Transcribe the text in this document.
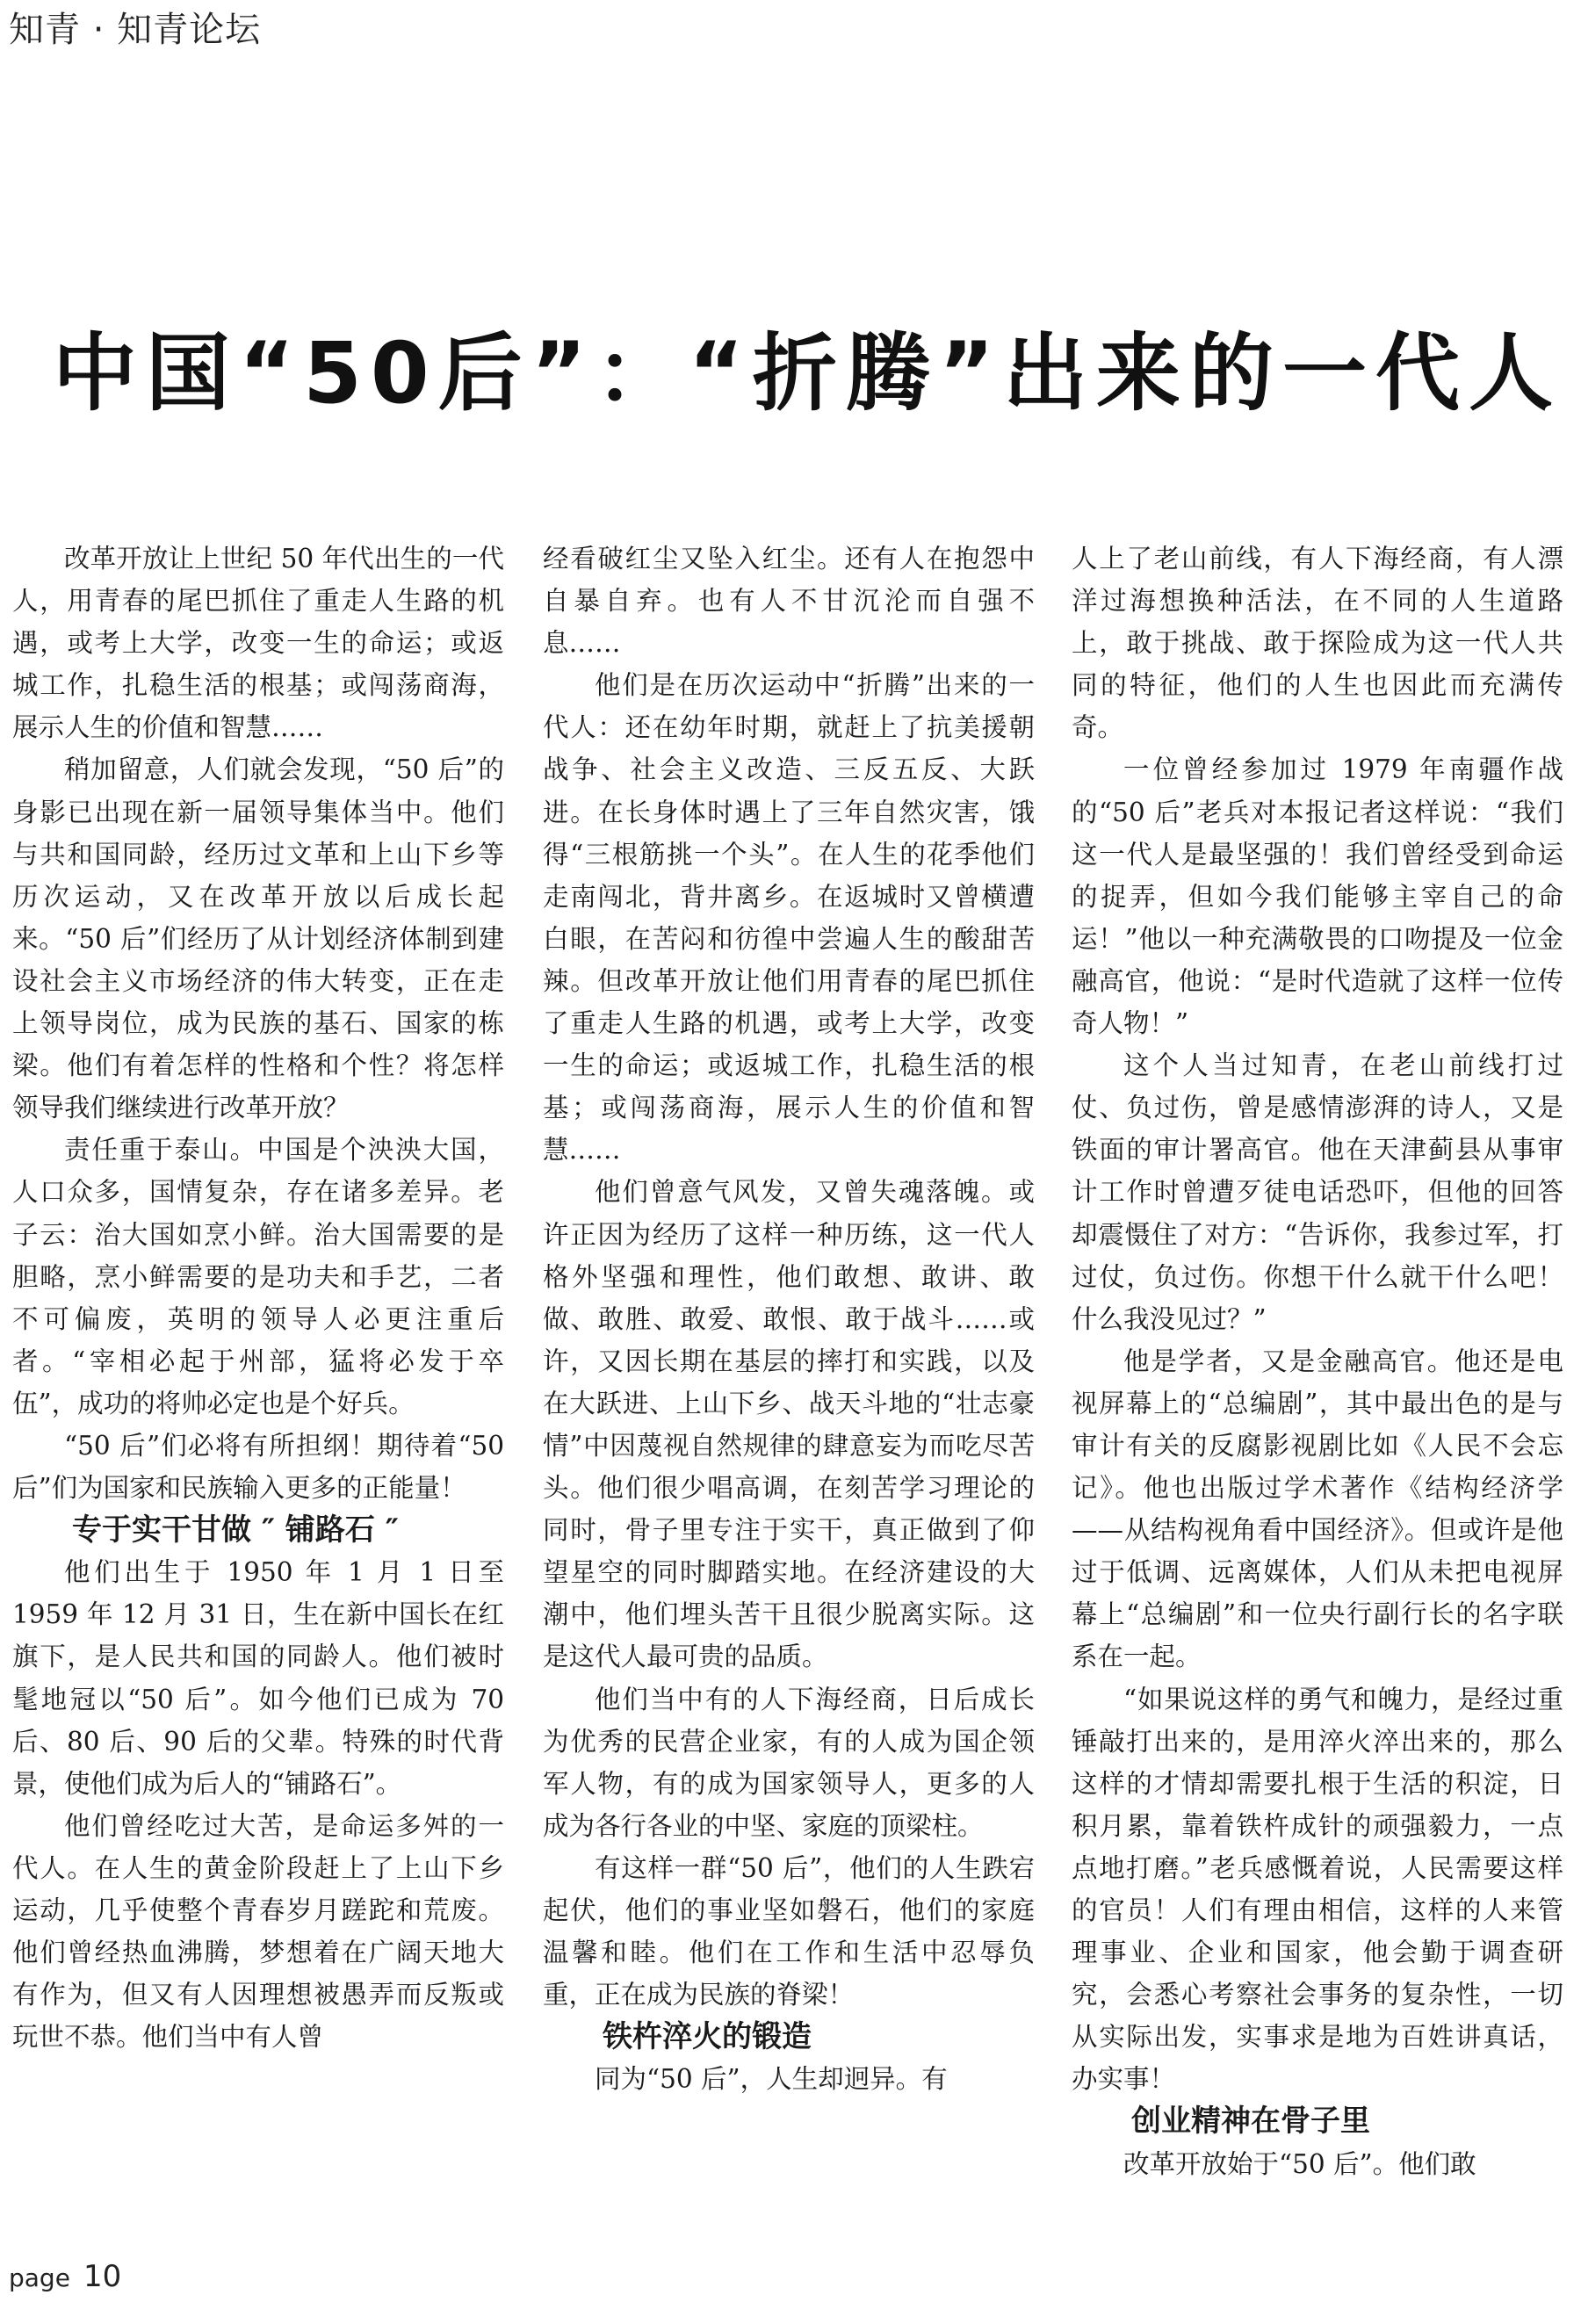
知青 · 知青论坛
中国“50后”：“折腾”出来的一代人

改革开放让上世纪 50 年代出生的一代人，用青春的尾巴抓住了重走人生路的机遇，或考上大学，改变一生的命运；或返城工作，扎稳生活的根基；或闯荡商海，展示人生的价值和智慧……

稍加留意，人们就会发现，“50 后”的身影已出现在新一届领导集体当中。他们与共和国同龄，经历过文革和上山下乡等历次运动，又在改革开放以后成长起来。“50 后”们经历了从计划经济体制到建设社会主义市场经济的伟大转变，正在走上领导岗位，成为民族的基石、国家的栋梁。他们有着怎样的性格和个性？将怎样领导我们继续进行改革开放？

责任重于泰山。中国是个泱泱大国，人口众多，国情复杂，存在诸多差异。老子云：治大国如烹小鲜。治大国需要的是胆略，烹小鲜需要的是功夫和手艺，二者不可偏废，英明的领导人必更注重后者。“宰相必起于州部，猛将必发于卒伍”，成功的将帅必定也是个好兵。

“50 后”们必将有所担纲！期待着“50 后”们为国家和民族输入更多的正能量！

专于实干甘做 ″ 铺路石 ″

他们出生于 1950 年 1 月 1 日至 1959 年 12 月 31 日，生在新中国长在红旗下，是人民共和国的同龄人。他们被时髦地冠以“50 后”。如今他们已成为 70 后、80 后、90 后的父辈。特殊的时代背景，使他们成为后人的“铺路石”。

他们曾经吃过大苦，是命运多舛的一代人。在人生的黄金阶段赶上了上山下乡运动，几乎使整个青春岁月蹉跎和荒废。他们曾经热血沸腾，梦想着在广阔天地大有作为，但又有人因理想被愚弄而反叛或玩世不恭。他们当中有人曾

经看破红尘又坠入红尘。还有人在抱怨中自暴自弃。也有人不甘沉沦而自强不息……

他们是在历次运动中“折腾”出来的一代人：还在幼年时期，就赶上了抗美援朝战争、社会主义改造、三反五反、大跃进。在长身体时遇上了三年自然灾害，饿得“三根筋挑一个头”。在人生的花季他们走南闯北，背井离乡。在返城时又曾横遭白眼，在苦闷和彷徨中尝遍人生的酸甜苦辣。但改革开放让他们用青春的尾巴抓住了重走人生路的机遇，或考上大学，改变一生的命运；或返城工作，扎稳生活的根基；或闯荡商海，展示人生的价值和智慧……

他们曾意气风发，又曾失魂落魄。或许正因为经历了这样一种历练，这一代人格外坚强和理性，他们敢想、敢讲、敢做、敢胜、敢爱、敢恨、敢于战斗……或许，又因长期在基层的摔打和实践，以及在大跃进、上山下乡、战天斗地的“壮志豪情”中因蔑视自然规律的肆意妄为而吃尽苦头。他们很少唱高调，在刻苦学习理论的同时，骨子里专注于实干，真正做到了仰望星空的同时脚踏实地。在经济建设的大潮中，他们埋头苦干且很少脱离实际。这是这代人最可贵的品质。

他们当中有的人下海经商，日后成长为优秀的民营企业家，有的人成为国企领军人物，有的成为国家领导人，更多的人成为各行各业的中坚、家庭的顶梁柱。

有这样一群“50 后”，他们的人生跌宕起伏，他们的事业坚如磐石，他们的家庭温馨和睦。他们在工作和生活中忍辱负重，正在成为民族的脊梁！

铁杵淬火的锻造

同为“50 后”，人生却迥异。有

人上了老山前线，有人下海经商，有人漂洋过海想换种活法，在不同的人生道路上，敢于挑战、敢于探险成为这一代人共同的特征，他们的人生也因此而充满传奇。

一位曾经参加过 1979 年南疆作战的“50 后”老兵对本报记者这样说：“我们这一代人是最坚强的！我们曾经受到命运的捉弄，但如今我们能够主宰自己的命运！”他以一种充满敬畏的口吻提及一位金融高官，他说：“是时代造就了这样一位传奇人物！”

这个人当过知青，在老山前线打过仗、负过伤，曾是感情澎湃的诗人，又是铁面的审计署高官。他在天津蓟县从事审计工作时曾遭歹徒电话恐吓，但他的回答却震慑住了对方：“告诉你，我参过军，打过仗，负过伤。你想干什么就干什么吧！什么我没见过？”

他是学者，又是金融高官。他还是电视屏幕上的“总编剧”，其中最出色的是与审计有关的反腐影视剧比如《人民不会忘记》。他也出版过学术著作《结构经济学——从结构视角看中国经济》。但或许是他过于低调、远离媒体，人们从未把电视屏幕上“总编剧”和一位央行副行长的名字联系在一起。

“如果说这样的勇气和魄力，是经过重锤敲打出来的，是用淬火淬出来的，那么这样的才情却需要扎根于生活的积淀，日积月累，靠着铁杵成针的顽强毅力，一点点地打磨。”老兵感慨着说，人民需要这样的官员！人们有理由相信，这样的人来管理事业、企业和国家，他会勤于调查研究，会悉心考察社会事务的复杂性，一切从实际出发，实事求是地为百姓讲真话，办实事！

创业精神在骨子里

改革开放始于“50 后”。他们敢

page 10
